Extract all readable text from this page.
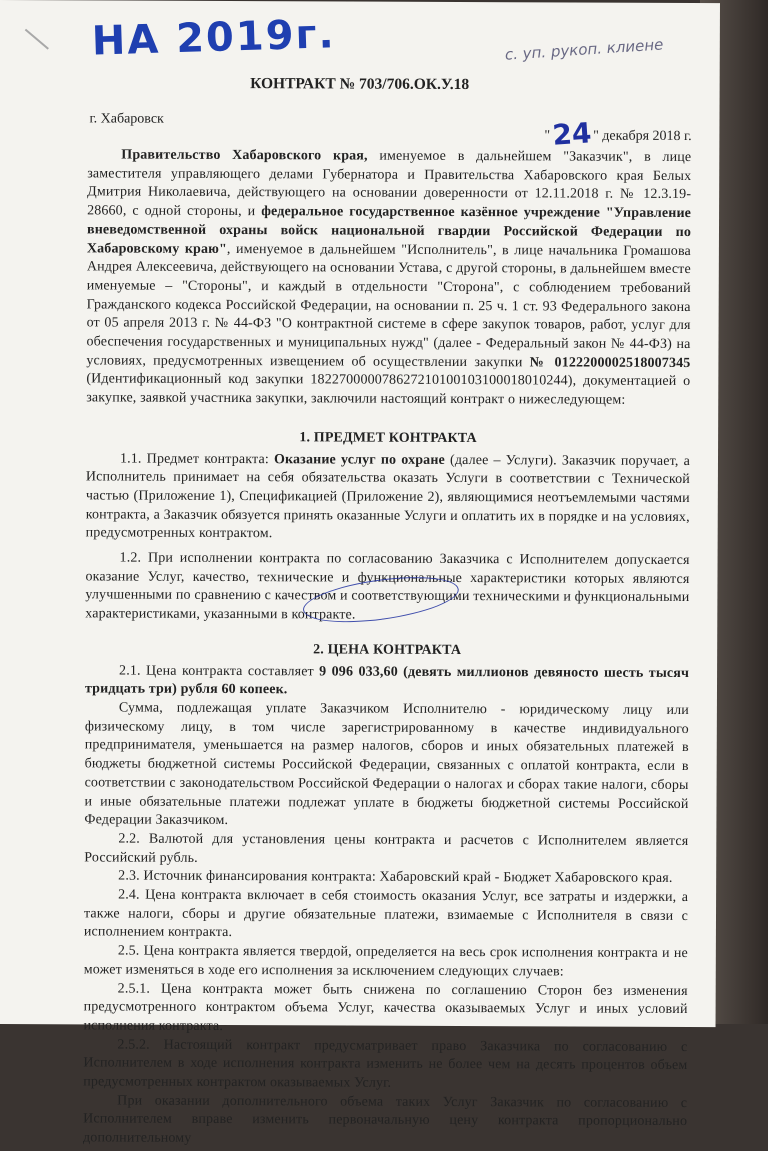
НА 2019г.	с. уп. рукоп. клиене
КОНТРАКТ № 703/706.ОК.У.18
г. Хабаровск
"24" декабря 2018 г.

Правительство Хабаровского края, именуемое в дальнейшем "Заказчик", в лице заместителя управляющего делами Губернатора и Правительства Хабаровского края Белых Дмитрия Николаевича, действующего на основании доверенности от 12.11.2018 г. № 12.3.19-28660, с одной стороны, и федеральное государственное казённое учреждение "Управление вневедомственной охраны войск национальной гвардии Российской Федерации по Хабаровскому краю", именуемое в дальнейшем "Исполнитель", в лице начальника Громашова Андрея Алексеевича, действующего на основании Устава, с другой стороны, в дальнейшем вместе именуемые – "Стороны", и каждый в отдельности "Сторона", с соблюдением требований Гражданского кодекса Российской Федерации, на основании п. 25 ч. 1 ст. 93 Федерального закона от 05 апреля 2013 г. № 44-ФЗ "О контрактной системе в сфере закупок товаров, работ, услуг для обеспечения государственных и муниципальных нужд" (далее - Федеральный закон № 44-ФЗ) на условиях, предусмотренных извещением об осуществлении закупки № 0122200002518007345 (Идентификационный код закупки 182270000078627210100103100018010244), документацией о закупке, заявкой участника закупки, заключили настоящий контракт о нижеследующем:

1. ПРЕДМЕТ КОНТРАКТА

1.1. Предмет контракта: Оказание услуг по охране (далее – Услуги). Заказчик поручает, а Исполнитель принимает на себя обязательства оказать Услуги в соответствии с Технической частью (Приложение 1), Спецификацией (Приложение 2), являющимися неотъемлемыми частями контракта, а Заказчик обязуется принять оказанные Услуги и оплатить их в порядке и на условиях, предусмотренных контрактом.

1.2. При исполнении контракта по согласованию Заказчика с Исполнителем допускается оказание Услуг, качество, технические и функциональные характеристики которых являются улучшенными по сравнению с качеством и соответствующими техническими и функциональными характеристиками, указанными в контракте.

2. ЦЕНА КОНТРАКТА

2.1. Цена контракта составляет 9 096 033,60 (девять миллионов девяносто шесть тысяч тридцать три) рубля 60 копеек.

Сумма, подлежащая уплате Заказчиком Исполнителю - юридическому лицу или физическому лицу, в том числе зарегистрированному в качестве индивидуального предпринимателя, уменьшается на размер налогов, сборов и иных обязательных платежей в бюджеты бюджетной системы Российской Федерации, связанных с оплатой контракта, если в соответствии с законодательством Российской Федерации о налогах и сборах такие налоги, сборы и иные обязательные платежи подлежат уплате в бюджеты бюджетной системы Российской Федерации Заказчиком.

2.2. Валютой для установления цены контракта и расчетов с Исполнителем является Российский рубль.

2.3. Источник финансирования контракта: Хабаровский край - Бюджет Хабаровского края.

2.4. Цена контракта включает в себя стоимость оказания Услуг, все затраты и издержки, а также налоги, сборы и другие обязательные платежи, взимаемые с Исполнителя в связи с исполнением контракта.

2.5. Цена контракта является твердой, определяется на весь срок исполнения контракта и не может изменяться в ходе его исполнения за исключением следующих случаев:

2.5.1. Цена контракта может быть снижена по соглашению Сторон без изменения предусмотренного контрактом объема Услуг, качества оказываемых Услуг и иных условий исполнения контракта.

2.5.2. Настоящий контракт предусматривает право Заказчика по согласованию с Исполнителем в ходе исполнения контракта изменить не более чем на десять процентов объем предусмотренных контрактом оказываемых Услуг.

При оказании дополнительного объема таких Услуг Заказчик по согласованию с Исполнителем вправе изменить первоначальную цену контракта пропорционально дополнительному
